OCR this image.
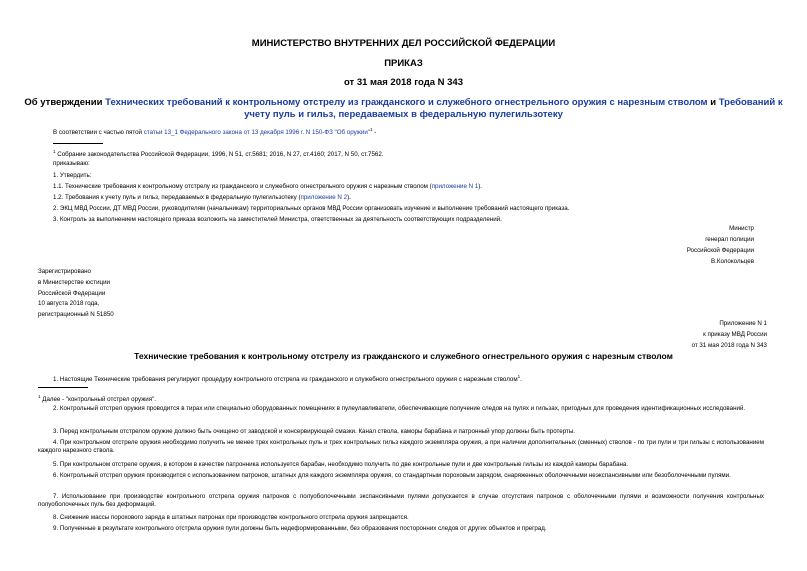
МИНИСТЕРСТВО ВНУТРЕННИХ ДЕЛ РОССИЙСКОЙ ФЕДЕРАЦИИ
ПРИКАЗ
от 31 мая 2018 года N 343
Об утверждении Технических требований к контрольному отстрелу из гражданского и служебного огнестрельного оружия с нарезным стволом и Требований к
учету пуль и гильз, передаваемых в федеральную пулегильзотеку
В соответствии с частью пятой статьи 13_1 Федерального закона от 13 декабря 1996 г. N 150-ФЗ "Об оружии"$^1$ -
$^1$ Собрание законодательства Российской Федерации, 1996, N 51, ст.5681; 2016, N 27, ст.4160; 2017, N 50, ст.7562.
приказываю:
1. Утвердить:
1.1. Технические требования к контрольному отстрелу из гражданского и служебного огнестрельного оружия с нарезным стволом (приложение N 1).
1.2. Требования к учету пуль и гильз, передаваемых в федеральную пулегильзотеку (приложение N 2).
2. ЭКЦ МВД России, ДТ МВД России, руководителям (начальникам) территориальных органов МВД России организовать изучение и выполнение требований настоящего приказа.
3. Контроль за выполнением настоящего приказа возложить на заместителей Министра, ответственных за деятельность соответствующих подразделений.
Министр
генерал полиции
Российской Федерации
В.Колокольцев
Зарегистрировано
в Министерстве юстиции
Российской Федерации
10 августа 2018 года,
регистрационный N 51850
Приложение N 1
к приказу МВД России
от 31 мая 2018 года N 343
Технические требования к контрольному отстрелу из гражданского и служебного огнестрельного оружия с нарезным стволом
1. Настоящие Технические требования регулируют процедуру контрольного отстрела из гражданского и служебного огнестрельного оружия с нарезным стволом$^1$.
$^1$ Далее - "контрольный отстрел оружия".
2. Контрольный отстрел оружия проводится в тирах или специально оборудованных помещениях в пулеулавливатели, обеспечивающие получение следов на пулях и гильзах, пригодных для проведения идентификационных исследований.
3. Перед контрольным отстрелом оружие должно быть очищено от заводской и консервирующей смазки. Канал ствола, каморы барабана и патронный упор должны быть протерты.
4. При контрольном отстреле оружия необходимо получить не менее трех контрольных пуль и трех контрольных гильз каждого экземпляра оружия, а при наличии дополнительных (сменных) стволов - по три пули и три гильзы с использованием каждого нарезного ствола.
5. При контрольном отстреле оружия, в котором в качестве патронника используется барабан, необходимо получить по две контрольные пули и две контрольные гильзы из каждой каморы барабана.
6. Контрольный отстрел оружия производится с использованием патронов, штатных для каждого экземпляра оружия, со стандартным пороховым зарядом, снаряженных оболочечными неэкспансивными или безоболочечными пулями.
7. Использование при производстве контрольного отстрела оружия патронов с полуоболочечными экспансивными пулями допускается в случае отсутствия патронов с оболочечными пулями и возможности получения контрольных полуоболочечных пуль без деформаций.
8. Снижение массы порохового заряда в штатных патронах при производстве контрольного отстрела оружия запрещается.
9. Полученные в результате контрольного отстрела оружия пули должны быть недеформированными, без образования посторонних следов от других объектов и преград.
